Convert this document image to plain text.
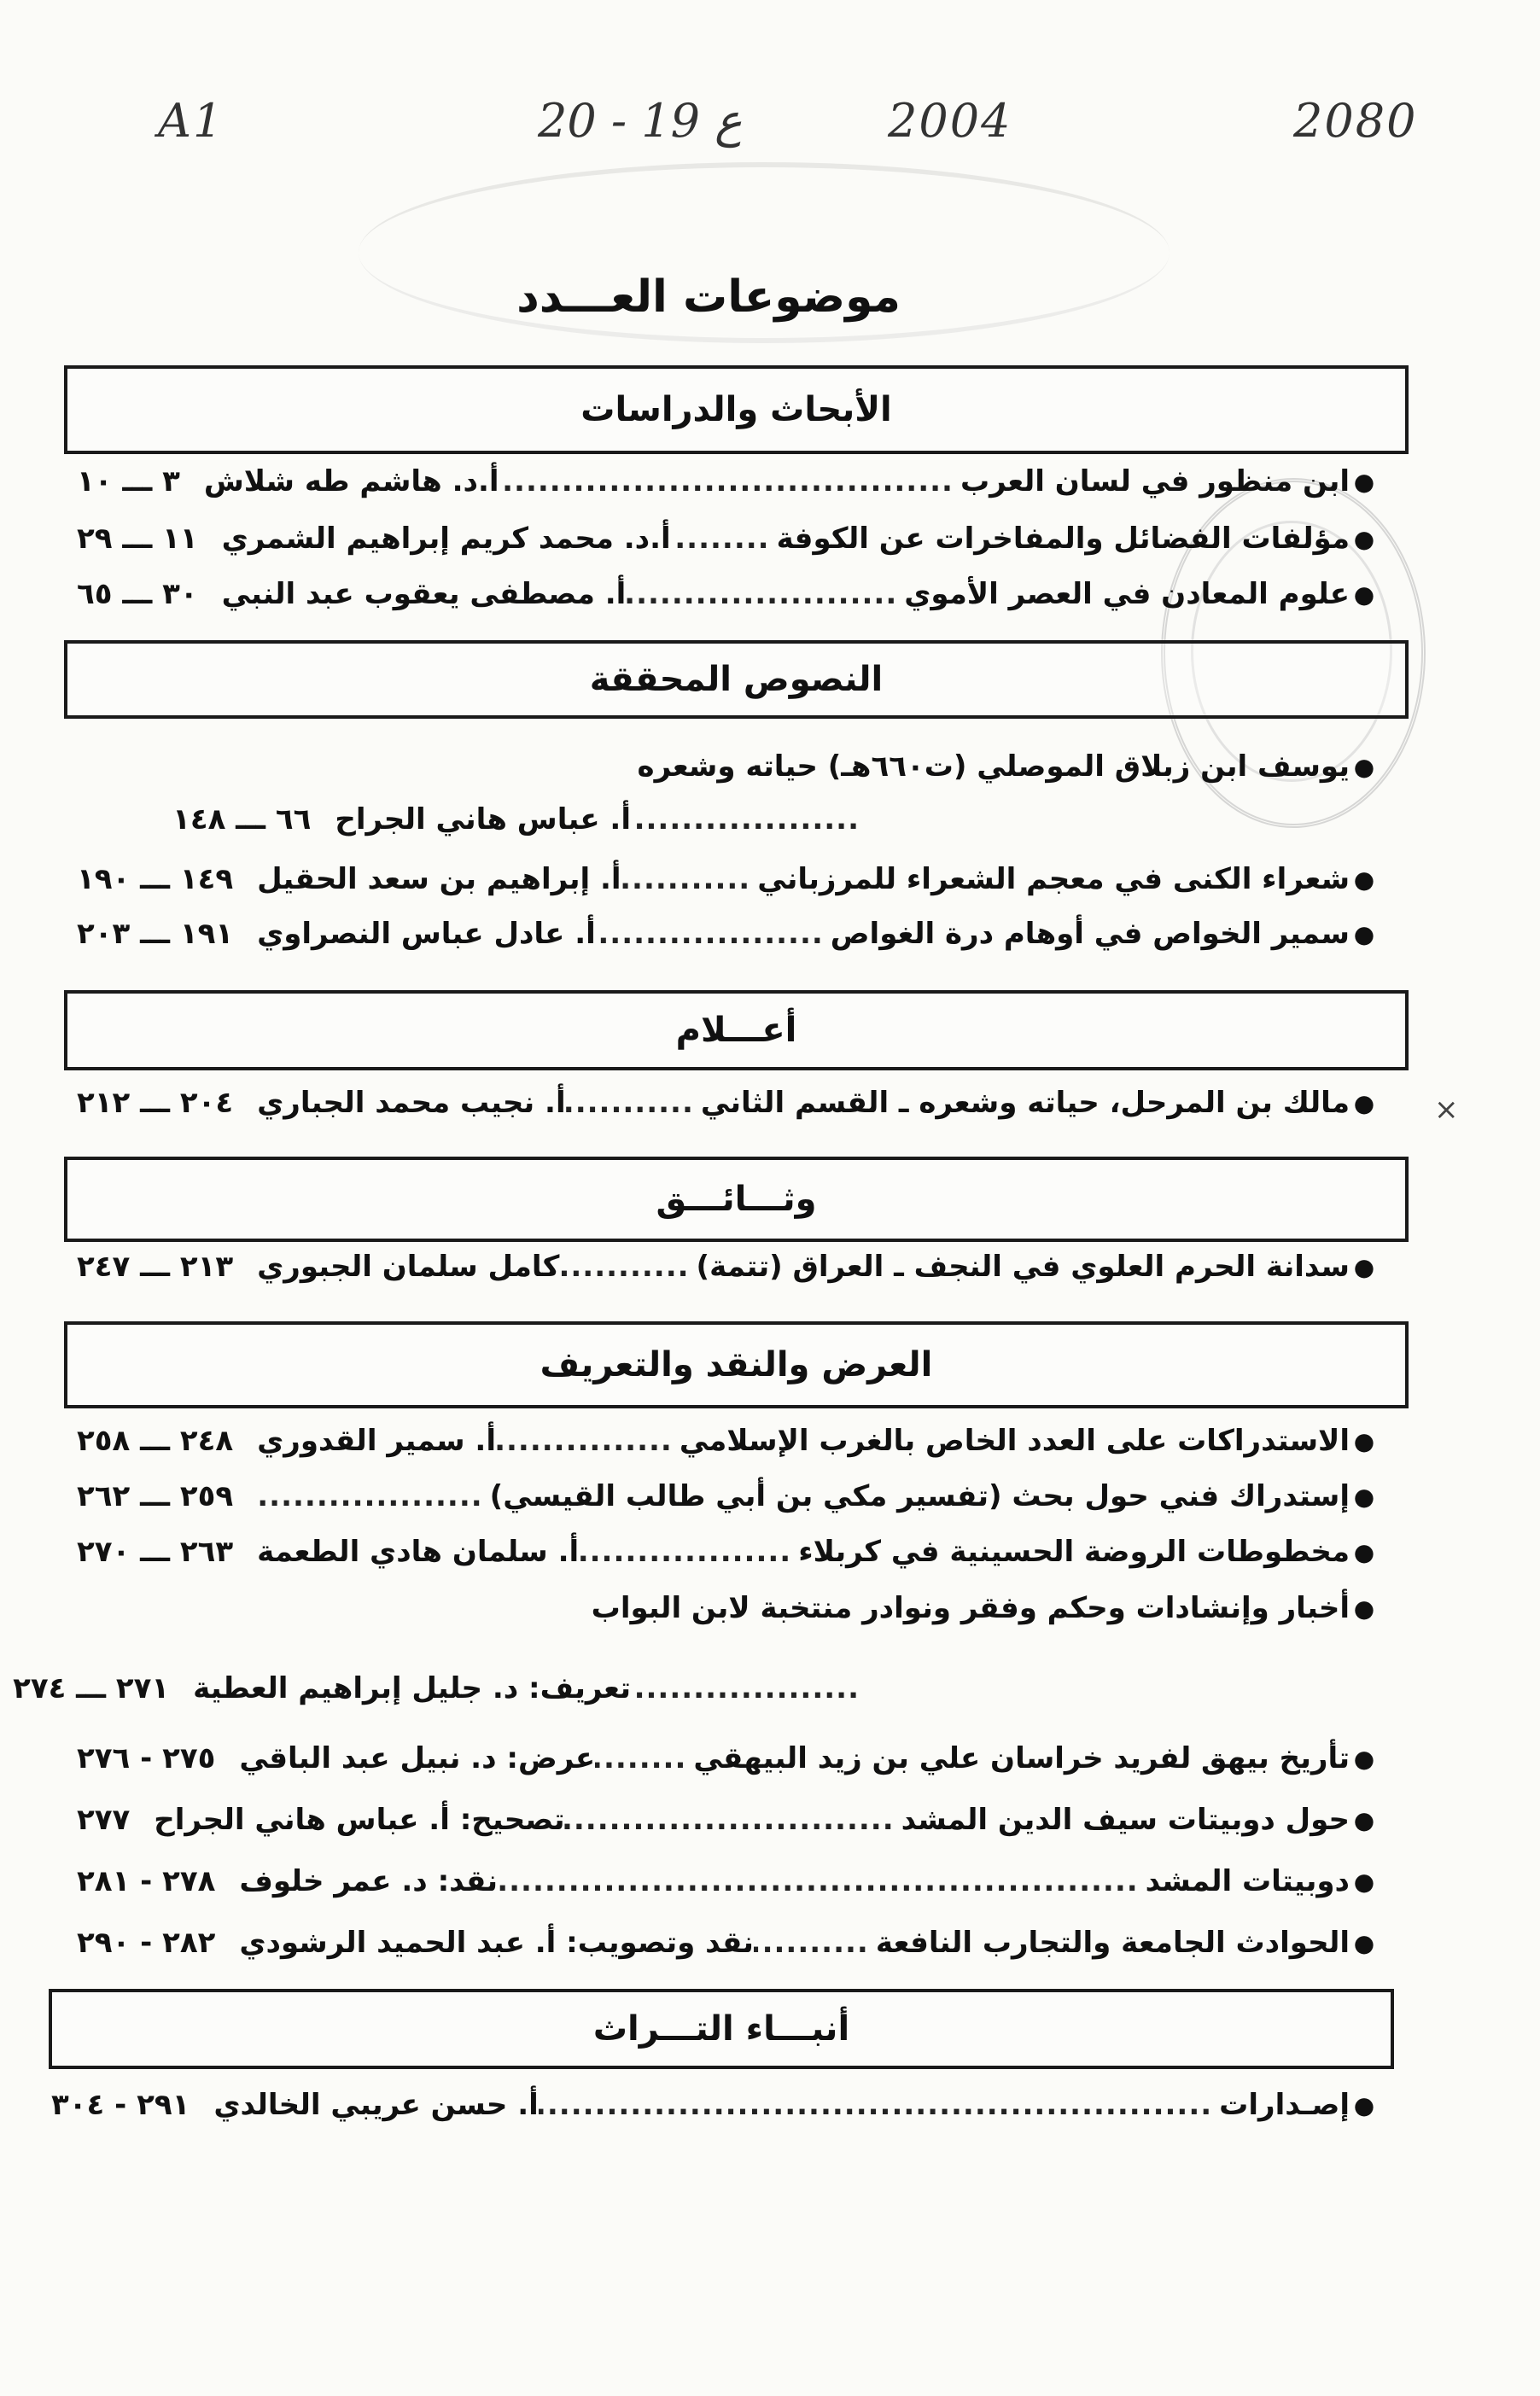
A1	20 - 19 ع	2004	2080
موضوعات العـــدد
الأبحاث والدراسات
●
ابن منظور في لسان العرب
.....
أ.د. هاشم طه شلاش
٣ ـــ ١٠
●
مؤلفات الفضائل والمفاخرات عن الكوفة
.....
أ.د. محمد كريم إبراهيم الشمري
١١ ـــ ٢٩
●
علوم المعادن في العصر الأموي
.....
أ. مصطفى يعقوب عبد النبي
٣٠ ـــ ٦٥
النصوص المحققة
●
يوسف ابن زبلاق الموصلي (ت٦٦٠هـ) حياته وشعره
.....
أ. عباس هاني الجراح
٦٦ ـــ ١٤٨
●
شعراء الكنى في معجم الشعراء للمرزباني
.....
أ. إبراهيم بن سعد الحقيل
١٤٩ ـــ ١٩٠
●
سمير الخواص في أوهام درة الغواص
.....
أ. عادل عباس النصراوي
١٩١ ـــ ٢٠٣
أعـــلام
●
مالك بن المرحل، حياته وشعره ـ القسم الثاني
.....
أ. نجيب محمد الجباري
٢٠٤ ـــ ٢١٢	×
وثـــائـــق
●
سدانة الحرم العلوي في النجف ـ العراق (تتمة)
.....
كامل سلمان الجبوري
٢١٣ ـــ ٢٤٧
العرض والنقد والتعريف
●
الاستدراكات على العدد الخاص بالغرب الإسلامي
.....
أ. سمير القدوري
٢٤٨ ـــ ٢٥٨
●
إستدراك فني حول بحث (تفسير مكي بن أبي طالب القيسي)
.....
٢٥٩ ـــ ٢٦٢
●
مخطوطات الروضة الحسينية في كربلاء
.....
أ. سلمان هادي الطعمة
٢٦٣ ـــ ٢٧٠
●
أخبار وإنشادات وحكم وفقر ونوادر منتخبة لابن البواب
.....
تعريف: د. جليل إبراهيم العطية
٢٧١ ـــ ٢٧٤
●
تأريخ بيهق لفريد خراسان علي بن زيد البيهقي
.....
عرض: د. نبيل عبد الباقي
٢٧٥ - ٢٧٦
●
حول دوبيتات سيف الدين المشد
.....
تصحيح: أ. عباس هاني الجراح
٢٧٧
●
دوبيتات المشد
.....
نقد: د. عمر خلوف
٢٧٨ - ٢٨١
●
الحوادث الجامعة والتجارب النافعة
.....
نقد وتصويب: أ. عبد الحميد الرشودي
٢٨٢ - ٢٩٠
أنبـــاء التـــراث
●
إصـدارات
.....
أ. حسن عريبي الخالدي
٢٩١ - ٣٠٤
